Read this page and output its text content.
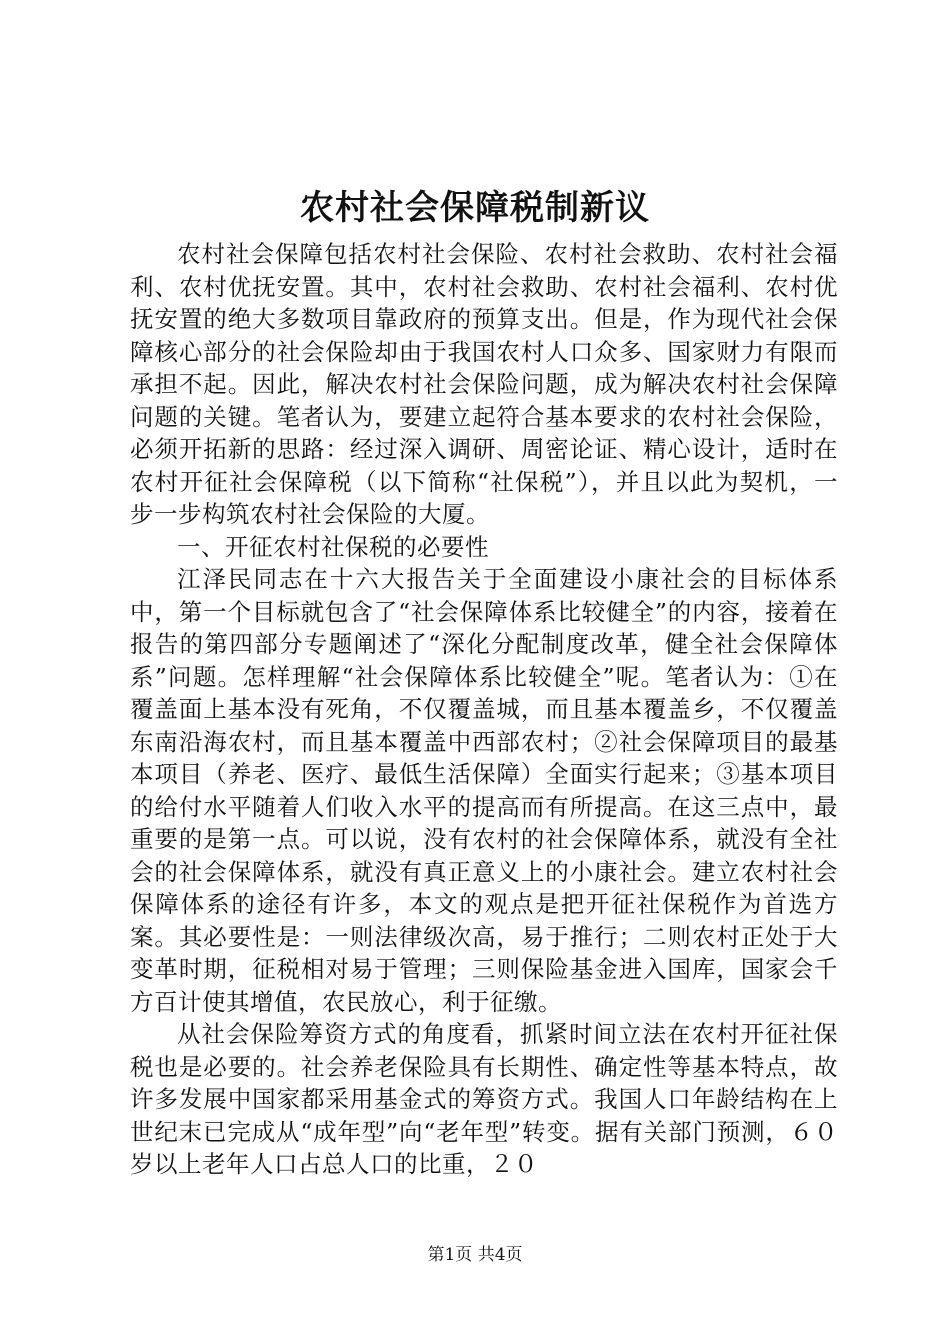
农村社会保障税制新议

农村社会保障包括农村社会保险、农村社会救助、农村社会福利、农村优抚安置。其中，农村社会救助、农村社会福利、农村优抚安置的绝大多数项目靠政府的预算支出。但是，作为现代社会保障核心部分的社会保险却由于我国农村人口众多、国家财力有限而承担不起。因此，解决农村社会保险问题，成为解决农村社会保障问题的关键。笔者认为，要建立起符合基本要求的农村社会保险，必须开拓新的思路：经过深入调研、周密论证、精心设计，适时在农村开征社会保障税（以下简称“社保税”），并且以此为契机，一步一步构筑农村社会保险的大厦。

一、开征农村社保税的必要性

江泽民同志在十六大报告关于全面建设小康社会的目标体系中，第一个目标就包含了“社会保障体系比较健全”的内容，接着在报告的第四部分专题阐述了“深化分配制度改革，健全社会保障体系”问题。怎样理解“社会保障体系比较健全”呢。笔者认为：①在覆盖面上基本没有死角，不仅覆盖城，而且基本覆盖乡，不仅覆盖东南沿海农村，而且基本覆盖中西部农村；②社会保障项目的最基本项目（养老、医疗、最低生活保障）全面实行起来；③基本项目的给付水平随着人们收入水平的提高而有所提高。在这三点中，最重要的是第一点。可以说，没有农村的社会保障体系，就没有全社会的社会保障体系，就没有真正意义上的小康社会。建立农村社会保障体系的途径有许多，本文的观点是把开征社保税作为首选方案。其必要性是：一则法律级次高，易于推行；二则农村正处于大变革时期，征税相对易于管理；三则保险基金进入国库，国家会千方百计使其增值，农民放心，利于征缴。

从社会保险筹资方式的角度看，抓紧时间立法在农村开征社保税也是必要的。社会养老保险具有长期性、确定性等基本特点，故许多发展中国家都采用基金式的筹资方式。我国人口年龄结构在上世纪末已完成从“成年型”向“老年型”转变。据有关部门预测，６０岁以上老年人口占总人口的比重，２０

第1页 共4页
